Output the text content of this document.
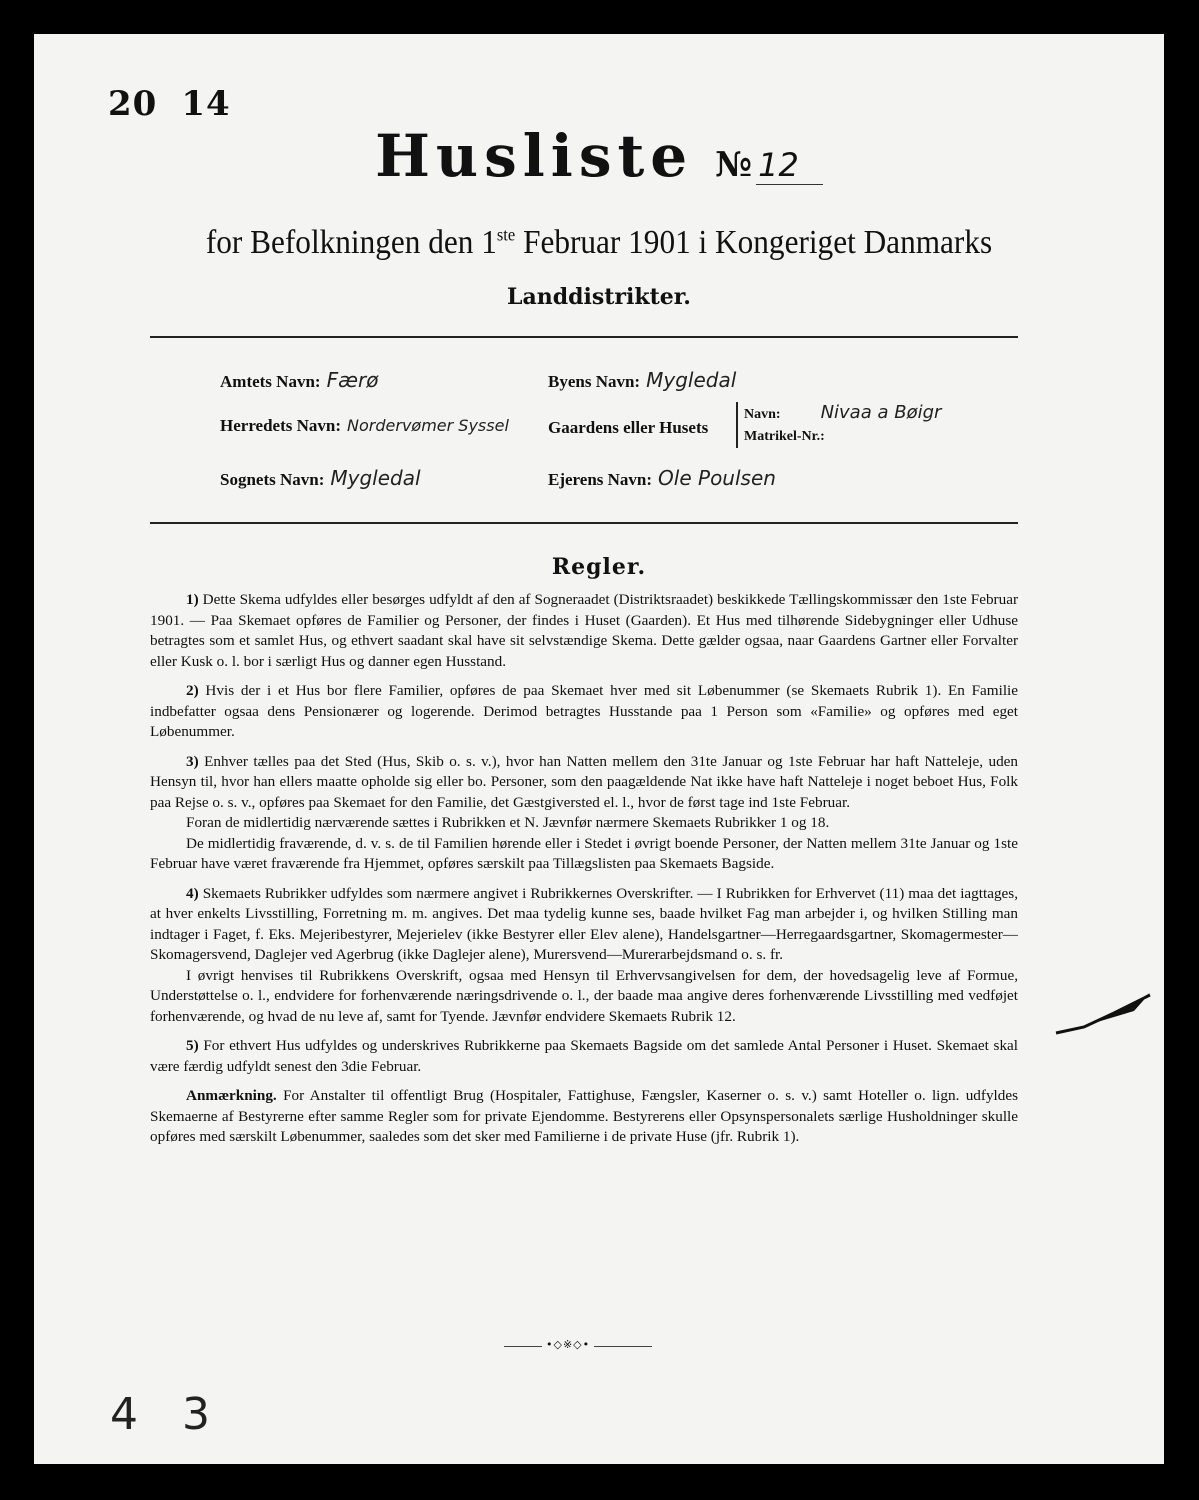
20 14
Husliste № 12
for Befolkningen den 1ste Februar 1901 i Kongeriget Danmarks
Landdistrikter.
Amtets Navn: Færø	Byens Navn: Mygledal
Herredets Navn: Nordervømer Syssel Gaardens eller Husets
Navn: Nivaa a Bøigr
Matrikel-Nr.:
Sognets Navn: Mygledal	Ejerens Navn: Ole Poulsen
Regler.

1) Dette Skema udfyldes eller besørges udfyldt af den af Sogneraadet (Distriktsraadet) beskikkede Tællingskommissær den 1ste Februar 1901. — Paa Skemaet opføres de Familier og Personer, der findes i Huset (Gaarden). Et Hus med tilhørende Sidebygninger eller Udhuse betragtes som et samlet Hus, og ethvert saadant skal have sit selvstændige Skema. Dette gælder ogsaa, naar Gaardens Gartner eller Forvalter eller Kusk o. l. bor i særligt Hus og danner egen Husstand.

2) Hvis der i et Hus bor flere Familier, opføres de paa Skemaet hver med sit Løbenummer (se Skemaets Rubrik 1). En Familie indbefatter ogsaa dens Pensionærer og logerende. Derimod betragtes Husstande paa 1 Person som «Familie» og opføres med eget Løbenummer.

3) Enhver tælles paa det Sted (Hus, Skib o. s. v.), hvor han Natten mellem den 31te Januar og 1ste Februar har haft Natteleje, uden Hensyn til, hvor han ellers maatte opholde sig eller bo. Personer, som den paagældende Nat ikke have haft Natteleje i noget beboet Hus, Folk paa Rejse o. s. v., opføres paa Skemaet for den Familie, det Gæstgiversted el. l., hvor de først tage ind 1ste Februar.

Foran de midlertidig nærværende sættes i Rubrikken et N. Jævnfør nærmere Skemaets Rubrikker 1 og 18.

De midlertidig fraværende, d. v. s. de til Familien hørende eller i Stedet i øvrigt boende Personer, der Natten mellem 31te Januar og 1ste Februar have været fraværende fra Hjemmet, opføres særskilt paa Tillægslisten paa Skemaets Bagside.

4) Skemaets Rubrikker udfyldes som nærmere angivet i Rubrikkernes Overskrifter. — I Rubrikken for Erhvervet (11) maa det iagttages, at hver enkelts Livsstilling, Forretning m. m. angives. Det maa tydelig kunne ses, baade hvilket Fag man arbejder i, og hvilken Stilling man indtager i Faget, f. Eks. Mejeribestyrer, Mejerielev (ikke Bestyrer eller Elev alene), Handelsgartner—Herregaardsgartner, Skomagermester—Skomagersvend, Daglejer ved Agerbrug (ikke Daglejer alene), Murersvend—Murerarbejdsmand o. s. fr.

I øvrigt henvises til Rubrikkens Overskrift, ogsaa med Hensyn til Erhvervsangivelsen for dem, der hovedsagelig leve af Formue, Understøttelse o. l., endvidere for forhenværende næringsdrivende o. l., der baade maa angive deres forhenværende Livsstilling med vedføjet forhenværende, og hvad de nu leve af, samt for Tyende. Jævnfør endvidere Skemaets Rubrik 12.

5) For ethvert Hus udfyldes og underskrives Rubrikkerne paa Skemaets Bagside om det samlede Antal Personer i Huset. Skemaet skal være færdig udfyldt senest den 3die Februar.

Anmærkning. For Anstalter til offentligt Brug (Hospitaler, Fattighuse, Fængsler, Kaserner o. s. v.) samt Hoteller o. lign. udfyldes Skemaerne af Bestyrerne efter samme Regler som for private Ejendomme. Bestyrerens eller Opsynspersonalets særlige Husholdninger skulle opføres med særskilt Løbenummer, saaledes som det sker med Familierne i de private Huse (jfr. Rubrik 1).

•◇※◇•
4 3
